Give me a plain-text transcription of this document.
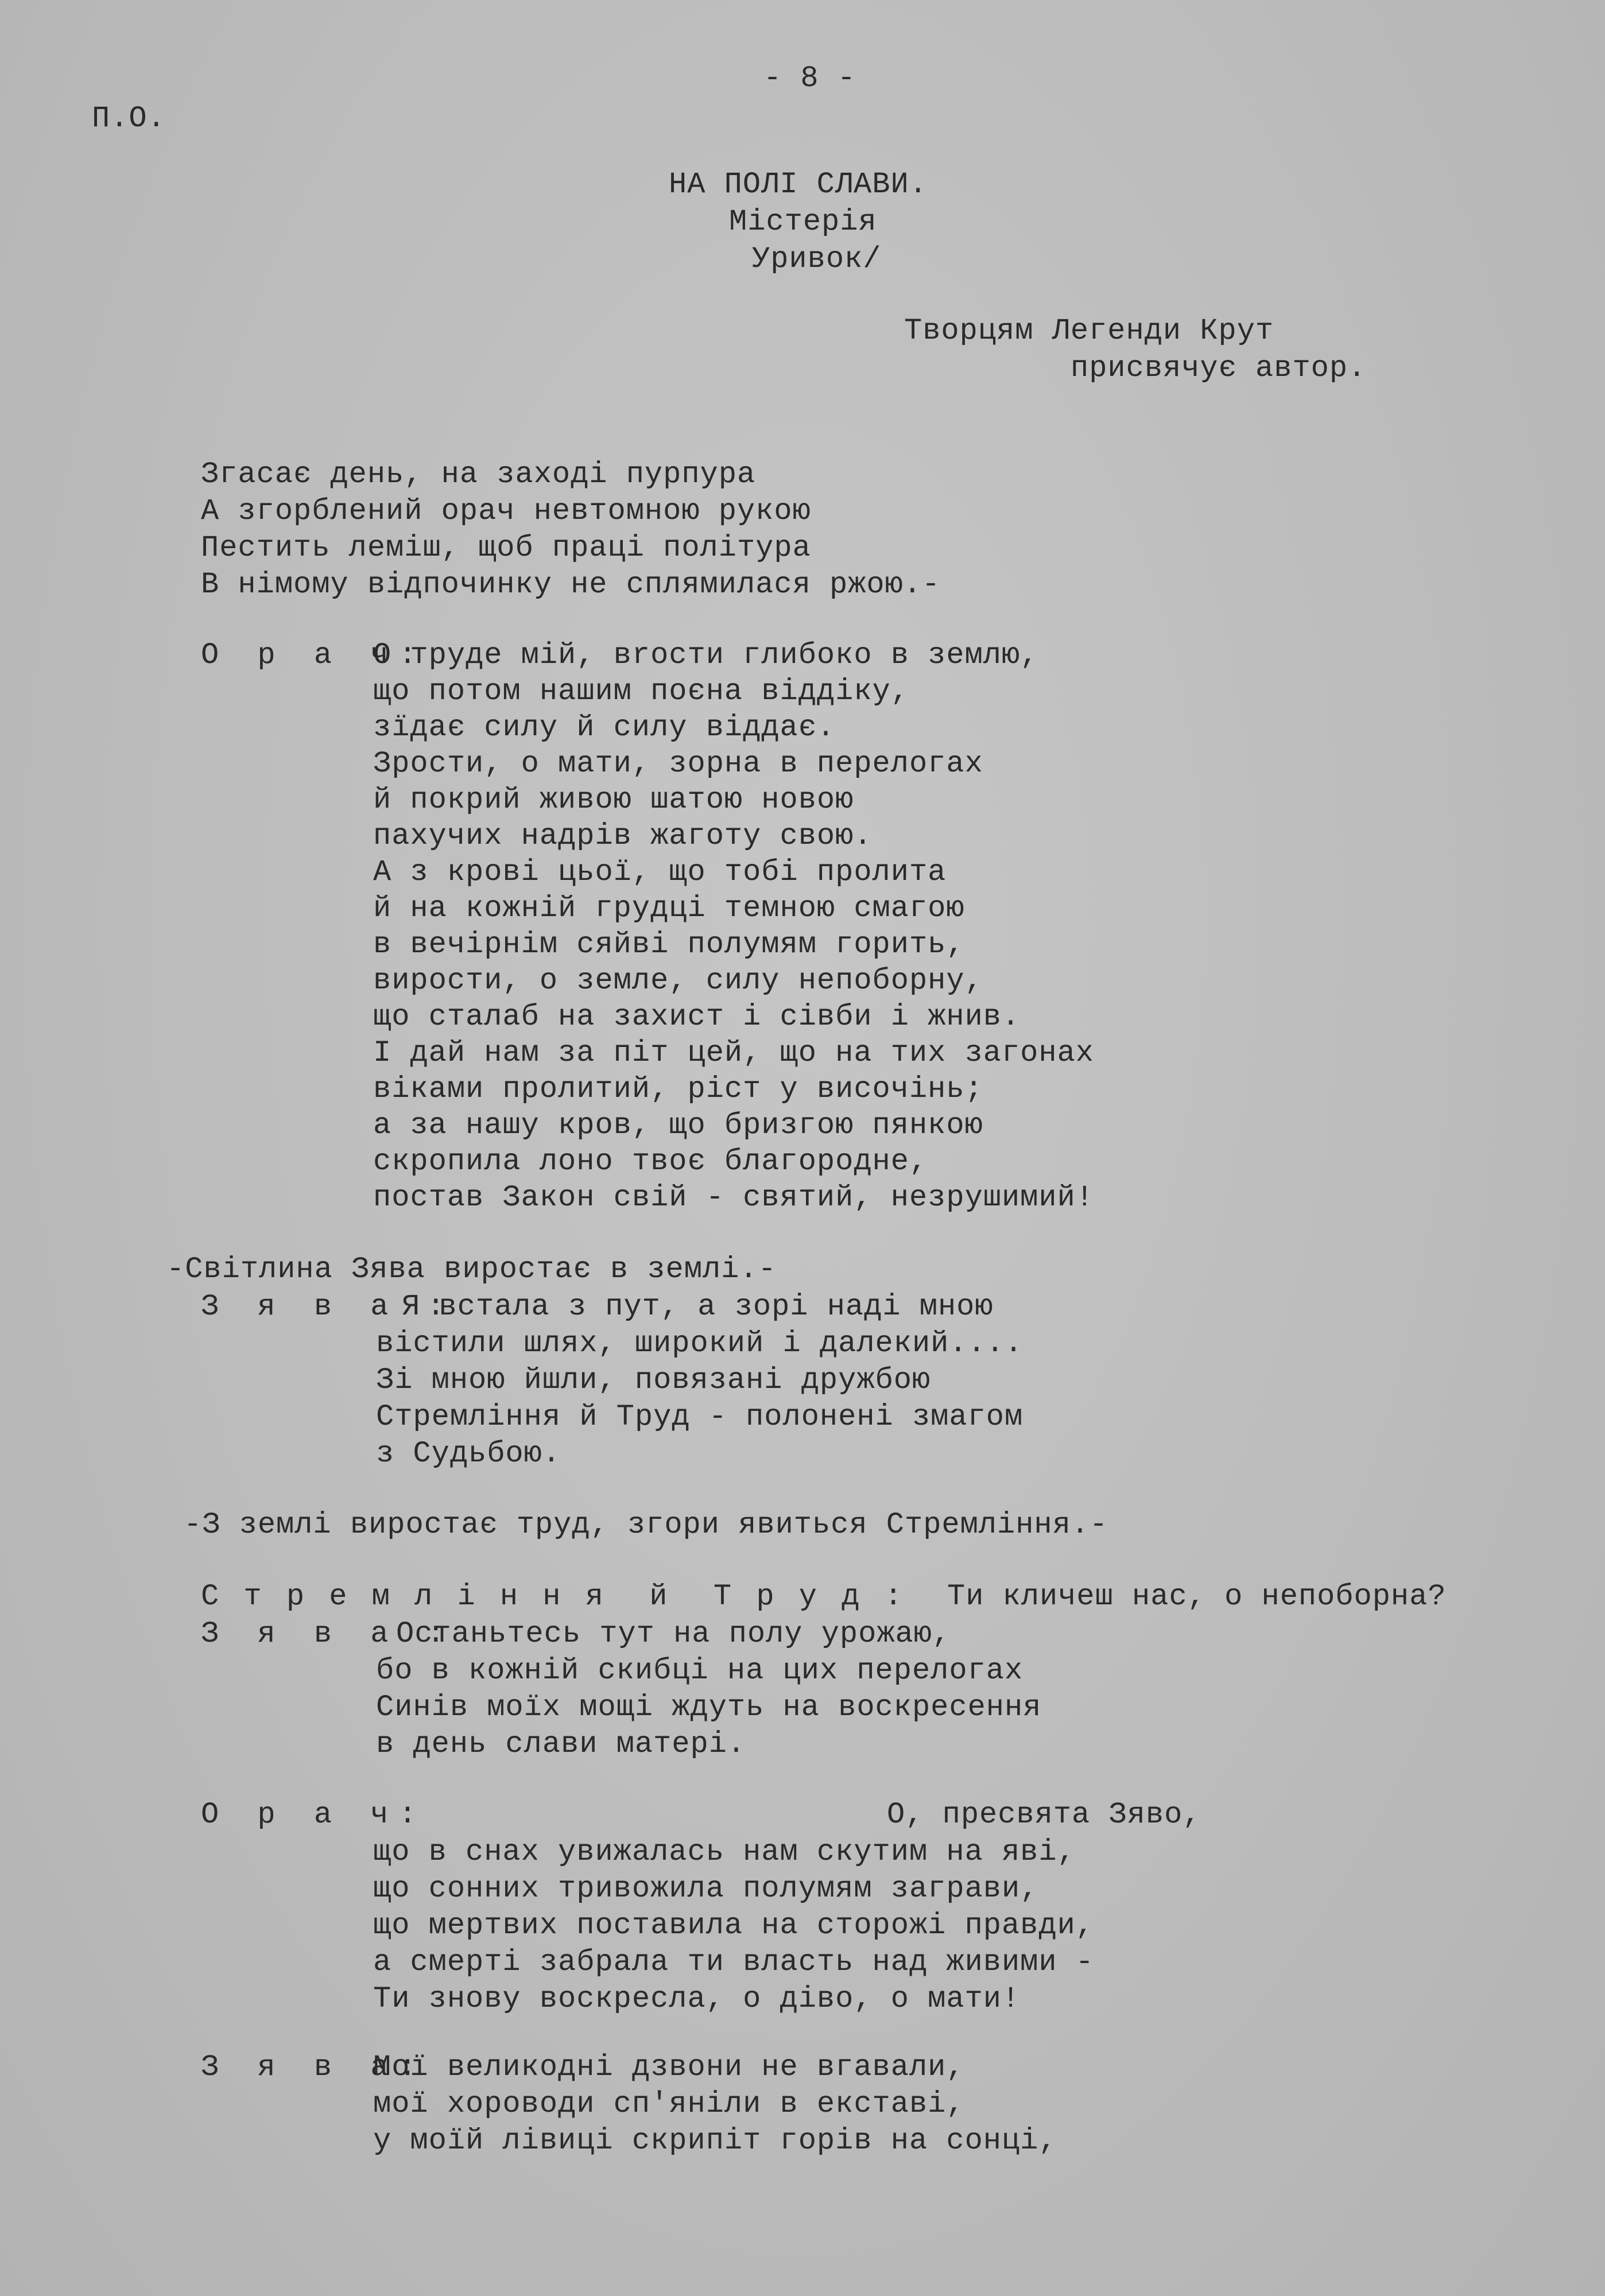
- 8 -
П.О.
НА ПОЛІ СЛАВИ.
Містерія
Уривок/
Творцям Легенди Крут
присвячує автор.
Згасає день, на заході пурпура
А згорблений орач невтомною рукою
Пестить леміш, щоб праці політура
В німому відпочинку не сплямилася ржою.-
О р а ч:
О труде мій, вrости глибоко в землю,
що потом нашим поєна віддіку,
зїдає силу й силу віддає.
Зрости, о мати, зорна в перелогах
й покрий живою шатою новою
пахучих надрів жаготу свою.
А з крові цьої, що тобі пролита
й на кожній грудці темною смагою
в вечірнім сяйві полумям горить,
вирости, о земле, силу непоборну,
що сталаб на захист і сівби і жнив.
І дай нам за піт цей, що на тих загонах
віками пролитий, ріст у височінь;
а за нашу кров, що бризгою пянкою
скропила лоно твоє благородне,
постав Закон свій - святий, незрушимий!
-Світлина Зява виростає в землі.-
З я в а :
Я встала з пут, а зорі наді мною
вістили шлях, широкий і далекий....
Зі мною йшли, повязані дружбою
Стремління й Труд - полонені змагом
з Судьбою.
-З землі виростає труд, згори явиться Стремління.-
С т р е м л і н н я  й  Т р у д : Ти кличеш нас, о непоборна?
З я в а :
Останьтесь тут на полу урожаю,
бо в кожній скибці на цих перелогах
Синів моїх мощі ждуть на воскресення
в день слави матері.
О р а ч:	О, пресвята Зяво,
що в снах увижалась нам скутим на яві,
що сонних тривожила полумям заграви,
що мертвих поставила на сторожі правди,
а смерті забрала ти власть над живими -
Ти знову воскресла, о діво, о мати!
З я в а:
Мої великодні дзвони не вгавали,
мої хороводи сп'яніли в екставі,
у моїй лівиці скрипіт горів на сонці,
